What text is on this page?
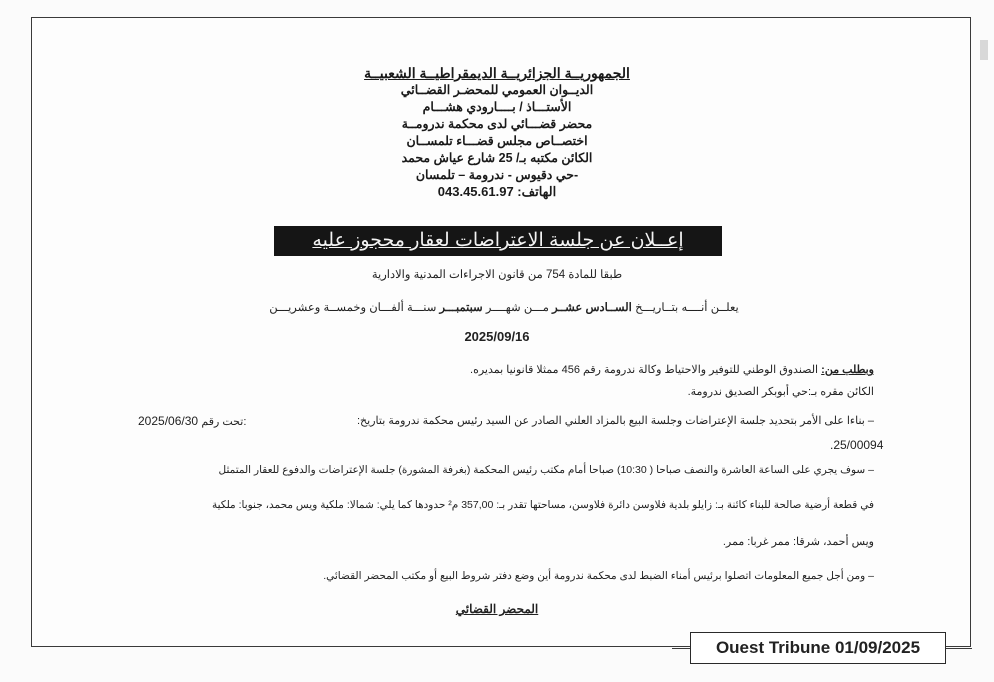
الجمهوريــة الجزائريــة الديمقراطيــة الشعبيــة
الديــوان العمومي للمحضـر القضــائي
الأستـــاذ / بــــارودي هشـــام
محضر قضـــائي لدى محكمة ندرومــة
اختصــاص مجلس قضـــاء تلمســان
الكائن مكتبه بـ/ 25 شارع عياش محمد
حي دقيوس - ندرومة – تلمسان-
الهاتف: 043.45.61.97
إعــلان عن جلسة الاعتراضات لعقار محجوز عليه
طبقا للمادة 754 من قانون الاجراءات المدنية والادارية
يعلــن أنــــه بتــاريـــخ الســادس عشــر مـــن شهــــر سبتمبـــر سنـــة ألفـــان وخمســة وعشريـــن
2025/09/16
وبطلب من: الصندوق الوطني للتوفير والاحتياط وكالة ندرومة رقم 456 ممثلا قانونيا بمديره.
الكائن مقره بـ:حي أبوبكر الصديق ندرومة.
– بناءا على الأمر بتحديد جلسة الإعتراضات وجلسة البيع بالمزاد العلني الصادر عن السيد رئيس محكمة ندرومة بتاريخ:
2025/06/30 تحت رقم:
.25/00094
– سوف يجري على الساعة العاشرة والنصف صباحا ( 10:30) صباحا أمام مكتب رئيس المحكمة (بغرفة المشورة) جلسة الإعتراضات والدفوع للعقار المتمثل
في قطعة أرضية صالحة للبناء كائنة بـ: زايلو بلدية فلاوسن دائرة فلاوسن، مساحتها تقدر بـ: 357,00 م² حدودها كما يلي: شمالا: ملكية ويس محمد، جنوبا: ملكية
ويس أحمد، شرقا: ممر غربا: ممر.
– ومن أجل جميع المعلومات اتصلوا برئيس أمناء الضبط لدى محكمة ندرومة أين وضع دفتر شروط البيع أو مكتب المحضر القضائي.
المحضر القضائي
Ouest Tribune 01/09/2025
